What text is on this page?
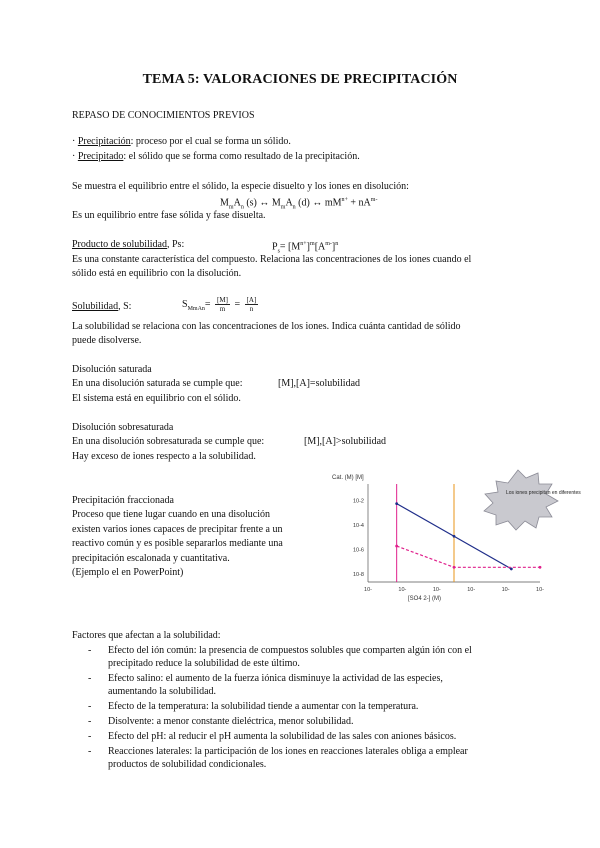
TEMA 5: VALORACIONES DE PRECIPITACIÓN
REPASO DE CONOCIMIENTOS PREVIOS
· Precipitación: proceso por el cual se forma un sólido.
· Precipitado: el sólido que se forma como resultado de la precipitación.
Se muestra el equilibrio entre el sólido, la especie disuelto y los iones en disolución:
$M_mA_n$ (s) ↔ $M_mA_n$ (d) ↔ $mM^{n+} + nA^{m-}$
Es un equilibrio entre fase sólida y fase disuelta.
Producto de solubilidad, Ps:	$P_s= [M^{n+}]^m[A^{m-}]^n$
Es una constante característica del compuesto. Relaciona las concentraciones de los iones cuando el
sólido está en equilibrio con la disolución.
Solubilidad, S:	$S_{MmAn}= \frac{[M]}{m} = \frac{[A]}{n}$
La solubilidad se relaciona con las concentraciones de los iones. Indica cuánta cantidad de sólido
puede disolverse.
Disolución saturada
En una disolución saturada se cumple que:	[M],[A]=solubilidad
El sistema está en equilibrio con el sólido.
Disolución sobresaturada
En una disolución sobresaturada se cumple que:	[M],[A]>solubilidad
Hay exceso de iones respecto a la solubilidad.
Precipitación fraccionada
Proceso que tiene lugar cuando en una disolución
existen varios iones capaces de precipitar frente a un
reactivo común y es posible separarlos mediante una
precipitación escalonada y cuantitativa.
(Ejemplo el en PowerPoint)
Cat. (M) [M]
[SO4 2-] (M)
10-2
10-4
10-6
10-8
10-	10-	10-	10-	10-	10-
Los iones precipitan en diferentes
Factores que afectan a la solubilidad:
- Efecto del ión común: la presencia de compuestos solubles que comparten algún ión con el
precipitado reduce la solubilidad de este último.
- Efecto salino: el aumento de la fuerza iónica disminuye la actividad de las especies,
aumentando la solubilidad.
- Efecto de la temperatura: la solubilidad tiende a aumentar con la temperatura.
- Disolvente: a menor constante dieléctrica, menor solubilidad.
- Efecto del pH: al reducir el pH aumenta la solubilidad de las sales con aniones básicos.
- Reacciones laterales: la participación de los iones en reacciones laterales obliga a emplear
productos de solubilidad condicionales.
